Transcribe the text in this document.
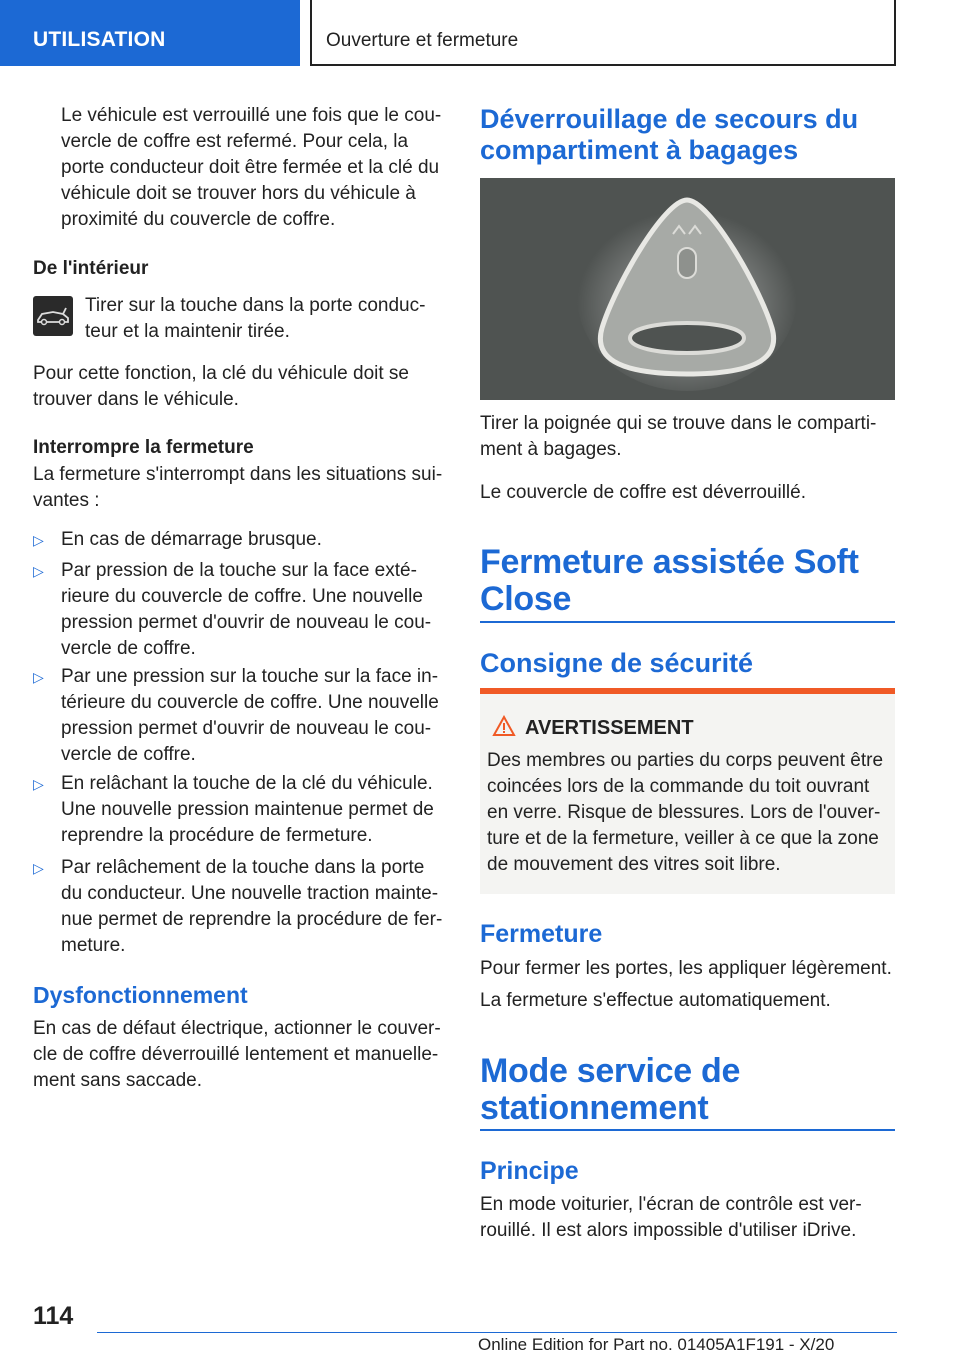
UTILISATION	Ouverture et fermeture
Le véhicule est verrouillé une fois que le cou-
vercle de coffre est refermé. Pour cela, la
porte conducteur doit être fermée et la clé du
véhicule doit se trouver hors du véhicule à
proximité du couvercle de coffre.
De l'intérieur
Tirer sur la touche dans la porte conduc-
teur et la maintenir tirée.
Pour cette fonction, la clé du véhicule doit se
trouver dans le véhicule.
Interrompre la fermeture
La fermeture s'interrompt dans les situations sui-
vantes :
▷ En cas de démarrage brusque.
▷ Par pression de la touche sur la face exté-
rieure du couvercle de coffre. Une nouvelle
pression permet d'ouvrir de nouveau le cou-
vercle de coffre.
▷ Par une pression sur la touche sur la face in-
térieure du couvercle de coffre. Une nouvelle
pression permet d'ouvrir de nouveau le cou-
vercle de coffre.
▷ En relâchant la touche de la clé du véhicule.
Une nouvelle pression maintenue permet de
reprendre la procédure de fermeture.
▷ Par relâchement de la touche dans la porte
du conducteur. Une nouvelle traction mainte-
nue permet de reprendre la procédure de fer-
meture.
Dysfonctionnement
En cas de défaut électrique, actionner le couver-
cle de coffre déverrouillé lentement et manuelle-
ment sans saccade.
Déverrouillage de secours du
compartiment à bagages
Tirer la poignée qui se trouve dans le comparti-
ment à bagages.
Le couvercle de coffre est déverrouillé.
Fermeture assistée Soft
Close
Consigne de sécurité
AVERTISSEMENT
Des membres ou parties du corps peuvent être
coincées lors de la commande du toit ouvrant
en verre. Risque de blessures. Lors de l'ouver-
ture et de la fermeture, veiller à ce que la zone
de mouvement des vitres soit libre.
Fermeture
Pour fermer les portes, les appliquer légèrement.
La fermeture s'effectue automatiquement.
Mode service de
stationnement
Principe
En mode voiturier, l'écran de contrôle est ver-
rouillé. Il est alors impossible d'utiliser iDrive.
114
Online Edition for Part no. 01405A1F191 - X/20
